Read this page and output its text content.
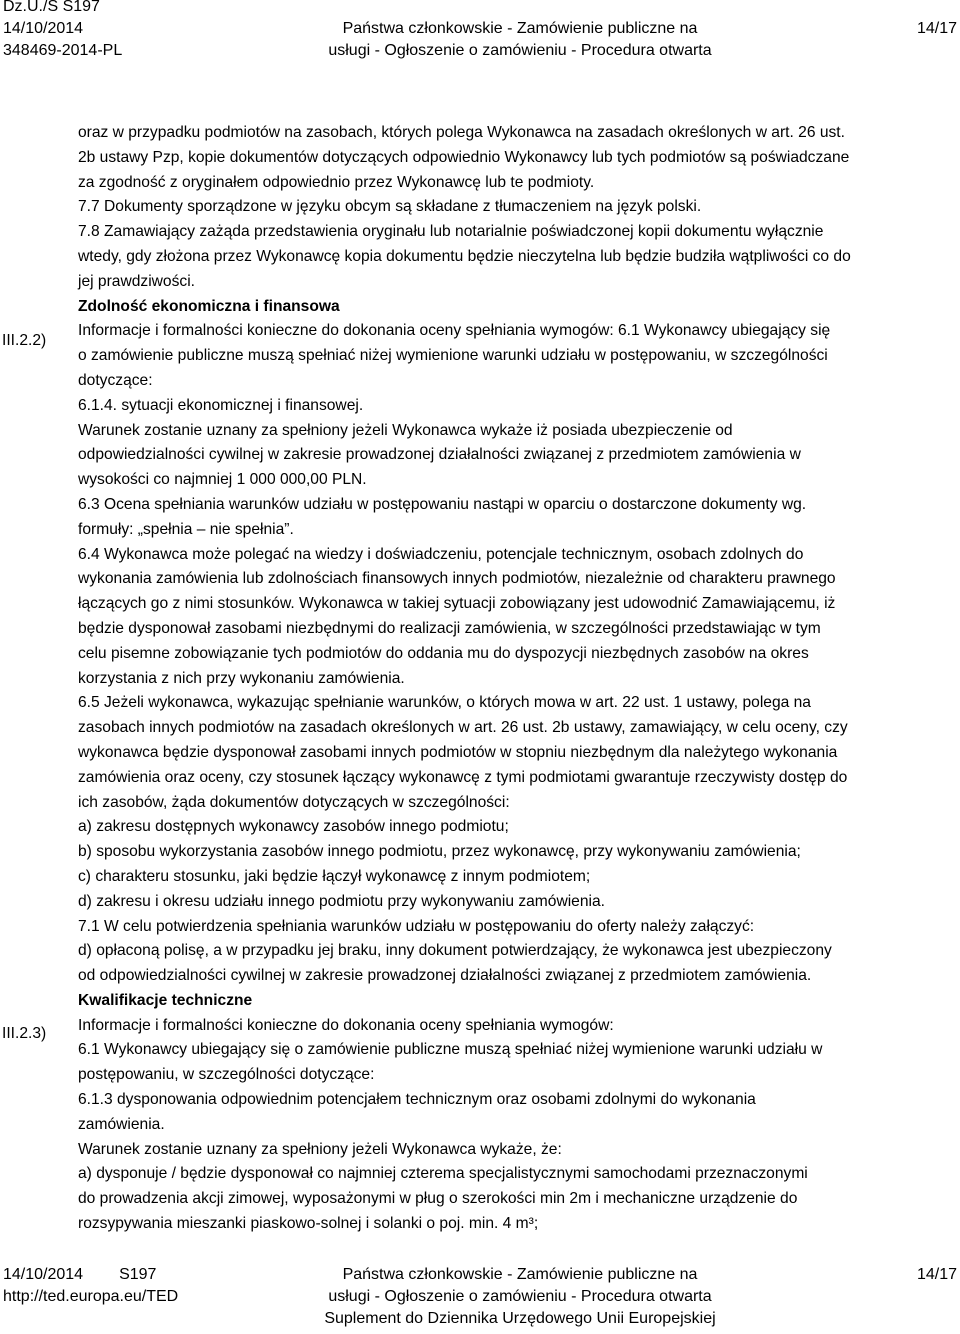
Dz.U./S S197
14/10/2014
348469-2014-PL
Państwa członkowskie - Zamówienie publiczne na
usługi - Ogłoszenie o zamówieniu - Procedura otwarta
14/17
III.2.2)
III.2.3)

oraz w przypadku podmiotów na zasobach, których polega Wykonawca na zasadach określonych w art. 26 ust.

2b ustawy Pzp, kopie dokumentów dotyczących odpowiednio Wykonawcy lub tych podmiotów są poświadczane

za zgodność z oryginałem odpowiednio przez Wykonawcę lub te podmioty.

7.7 Dokumenty sporządzone w języku obcym są składane z tłumaczeniem na język polski.

7.8 Zamawiający zażąda przedstawienia oryginału lub notarialnie poświadczonej kopii dokumentu wyłącznie

wtedy, gdy złożona przez Wykonawcę kopia dokumentu będzie nieczytelna lub będzie budziła wątpliwości co do

jej prawdziwości.

Zdolność ekonomiczna i finansowa

Informacje i formalności konieczne do dokonania oceny spełniania wymogów: 6.1 Wykonawcy ubiegający się

o zamówienie publiczne muszą spełniać niżej wymienione warunki udziału w postępowaniu, w szczególności

dotyczące:

6.1.4. sytuacji ekonomicznej i finansowej.

Warunek zostanie uznany za spełniony jeżeli Wykonawca wykaże iż posiada ubezpieczenie od

odpowiedzialności cywilnej w zakresie prowadzonej działalności związanej z przedmiotem zamówienia w

wysokości co najmniej 1 000 000,00 PLN.

6.3 Ocena spełniania warunków udziału w postępowaniu nastąpi w oparciu o dostarczone dokumenty wg.

formuły: „spełnia – nie spełnia”.

6.4 Wykonawca może polegać na wiedzy i doświadczeniu, potencjale technicznym, osobach zdolnych do

wykonania zamówienia lub zdolnościach finansowych innych podmiotów, niezależnie od charakteru prawnego

łączących go z nimi stosunków. Wykonawca w takiej sytuacji zobowiązany jest udowodnić Zamawiającemu, iż

będzie dysponował zasobami niezbędnymi do realizacji zamówienia, w szczególności przedstawiając w tym

celu pisemne zobowiązanie tych podmiotów do oddania mu do dyspozycji niezbędnych zasobów na okres

korzystania z nich przy wykonaniu zamówienia.

6.5 Jeżeli wykonawca, wykazując spełnianie warunków, o których mowa w art. 22 ust. 1 ustawy, polega na

zasobach innych podmiotów na zasadach określonych w art. 26 ust. 2b ustawy, zamawiający, w celu oceny, czy

wykonawca będzie dysponował zasobami innych podmiotów w stopniu niezbędnym dla należytego wykonania

zamówienia oraz oceny, czy stosunek łączący wykonawcę z tymi podmiotami gwarantuje rzeczywisty dostęp do

ich zasobów, żąda dokumentów dotyczących w szczególności:

a) zakresu dostępnych wykonawcy zasobów innego podmiotu;

b) sposobu wykorzystania zasobów innego podmiotu, przez wykonawcę, przy wykonywaniu zamówienia;

c) charakteru stosunku, jaki będzie łączył wykonawcę z innym podmiotem;

d) zakresu i okresu udziału innego podmiotu przy wykonywaniu zamówienia.

7.1 W celu potwierdzenia spełniania warunków udziału w postępowaniu do oferty należy załączyć:

d) opłaconą polisę, a w przypadku jej braku, inny dokument potwierdzający, że wykonawca jest ubezpieczony

od odpowiedzialności cywilnej w zakresie prowadzonej działalności związanej z przedmiotem zamówienia.

Kwalifikacje techniczne

Informacje i formalności konieczne do dokonania oceny spełniania wymogów:

6.1 Wykonawcy ubiegający się o zamówienie publiczne muszą spełniać niżej wymienione warunki udziału w

postępowaniu, w szczególności dotyczące:

6.1.3 dysponowania odpowiednim potencjałem technicznym oraz osobami zdolnymi do wykonania

zamówienia.

Warunek zostanie uznany za spełniony jeżeli Wykonawca wykaże, że:

a) dysponuje / będzie dysponował co najmniej czterema specjalistycznymi samochodami przeznaczonymi

do prowadzenia akcji zimowej, wyposażonymi w pług o szerokości min 2m i mechaniczne urządzenie do

rozsypywania mieszanki piaskowo-solnej i solanki o poj. min. 4 m³;

14/10/2014 S197
http://ted.europa.eu/TED
Państwa członkowskie - Zamówienie publiczne na
usługi - Ogłoszenie o zamówieniu - Procedura otwarta
Suplement do Dziennika Urzędowego Unii Europejskiej
14/17
